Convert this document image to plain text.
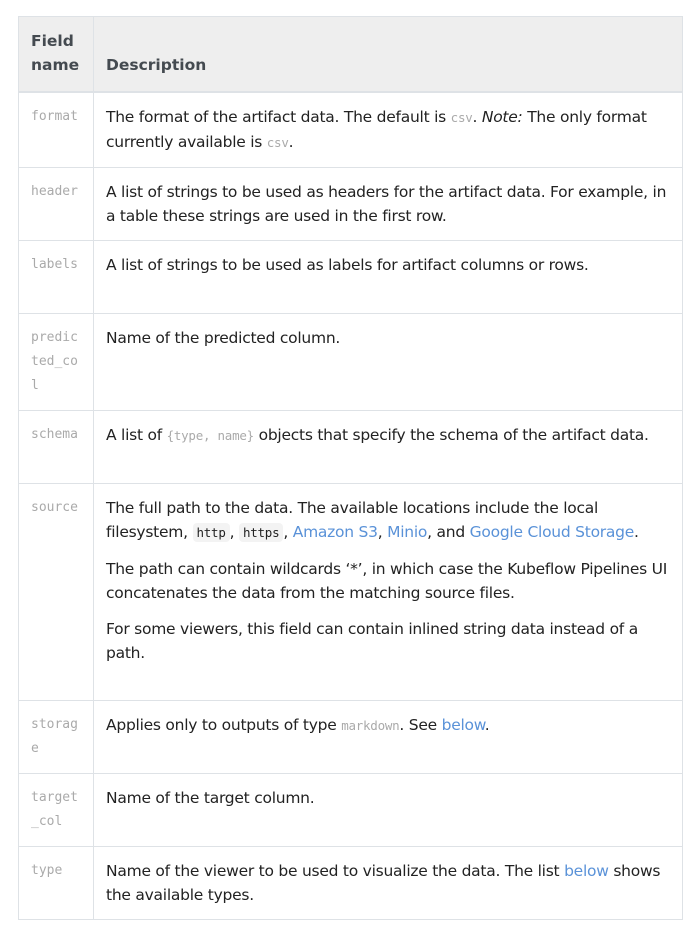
Field name	Description
format	The format of the artifact data. The default is csv. Note: The only format currently available is csv.
header	A list of strings to be used as headers for the artifact data. For example, in a table these strings are used in the first row.
labels	A list of strings to be used as labels for artifact columns or rows.
predicted_col	Name of the predicted column.
schema	A list of {type, name} objects that specify the schema of the artifact data.
source	The full path to the data. The available locations include the local filesystem, http , https , Amazon S3, Minio, and Google Cloud Storage.

The path can contain wildcards ‘*’, in which case the Kubeflow Pipelines UI concatenates the data from the matching source files.

For some viewers, this field can contain inlined string data instead of a path.

storage	Applies only to outputs of type markdown. See below.
target_col	Name of the target column.
type	Name of the viewer to be used to visualize the data. The list below shows the available types.
